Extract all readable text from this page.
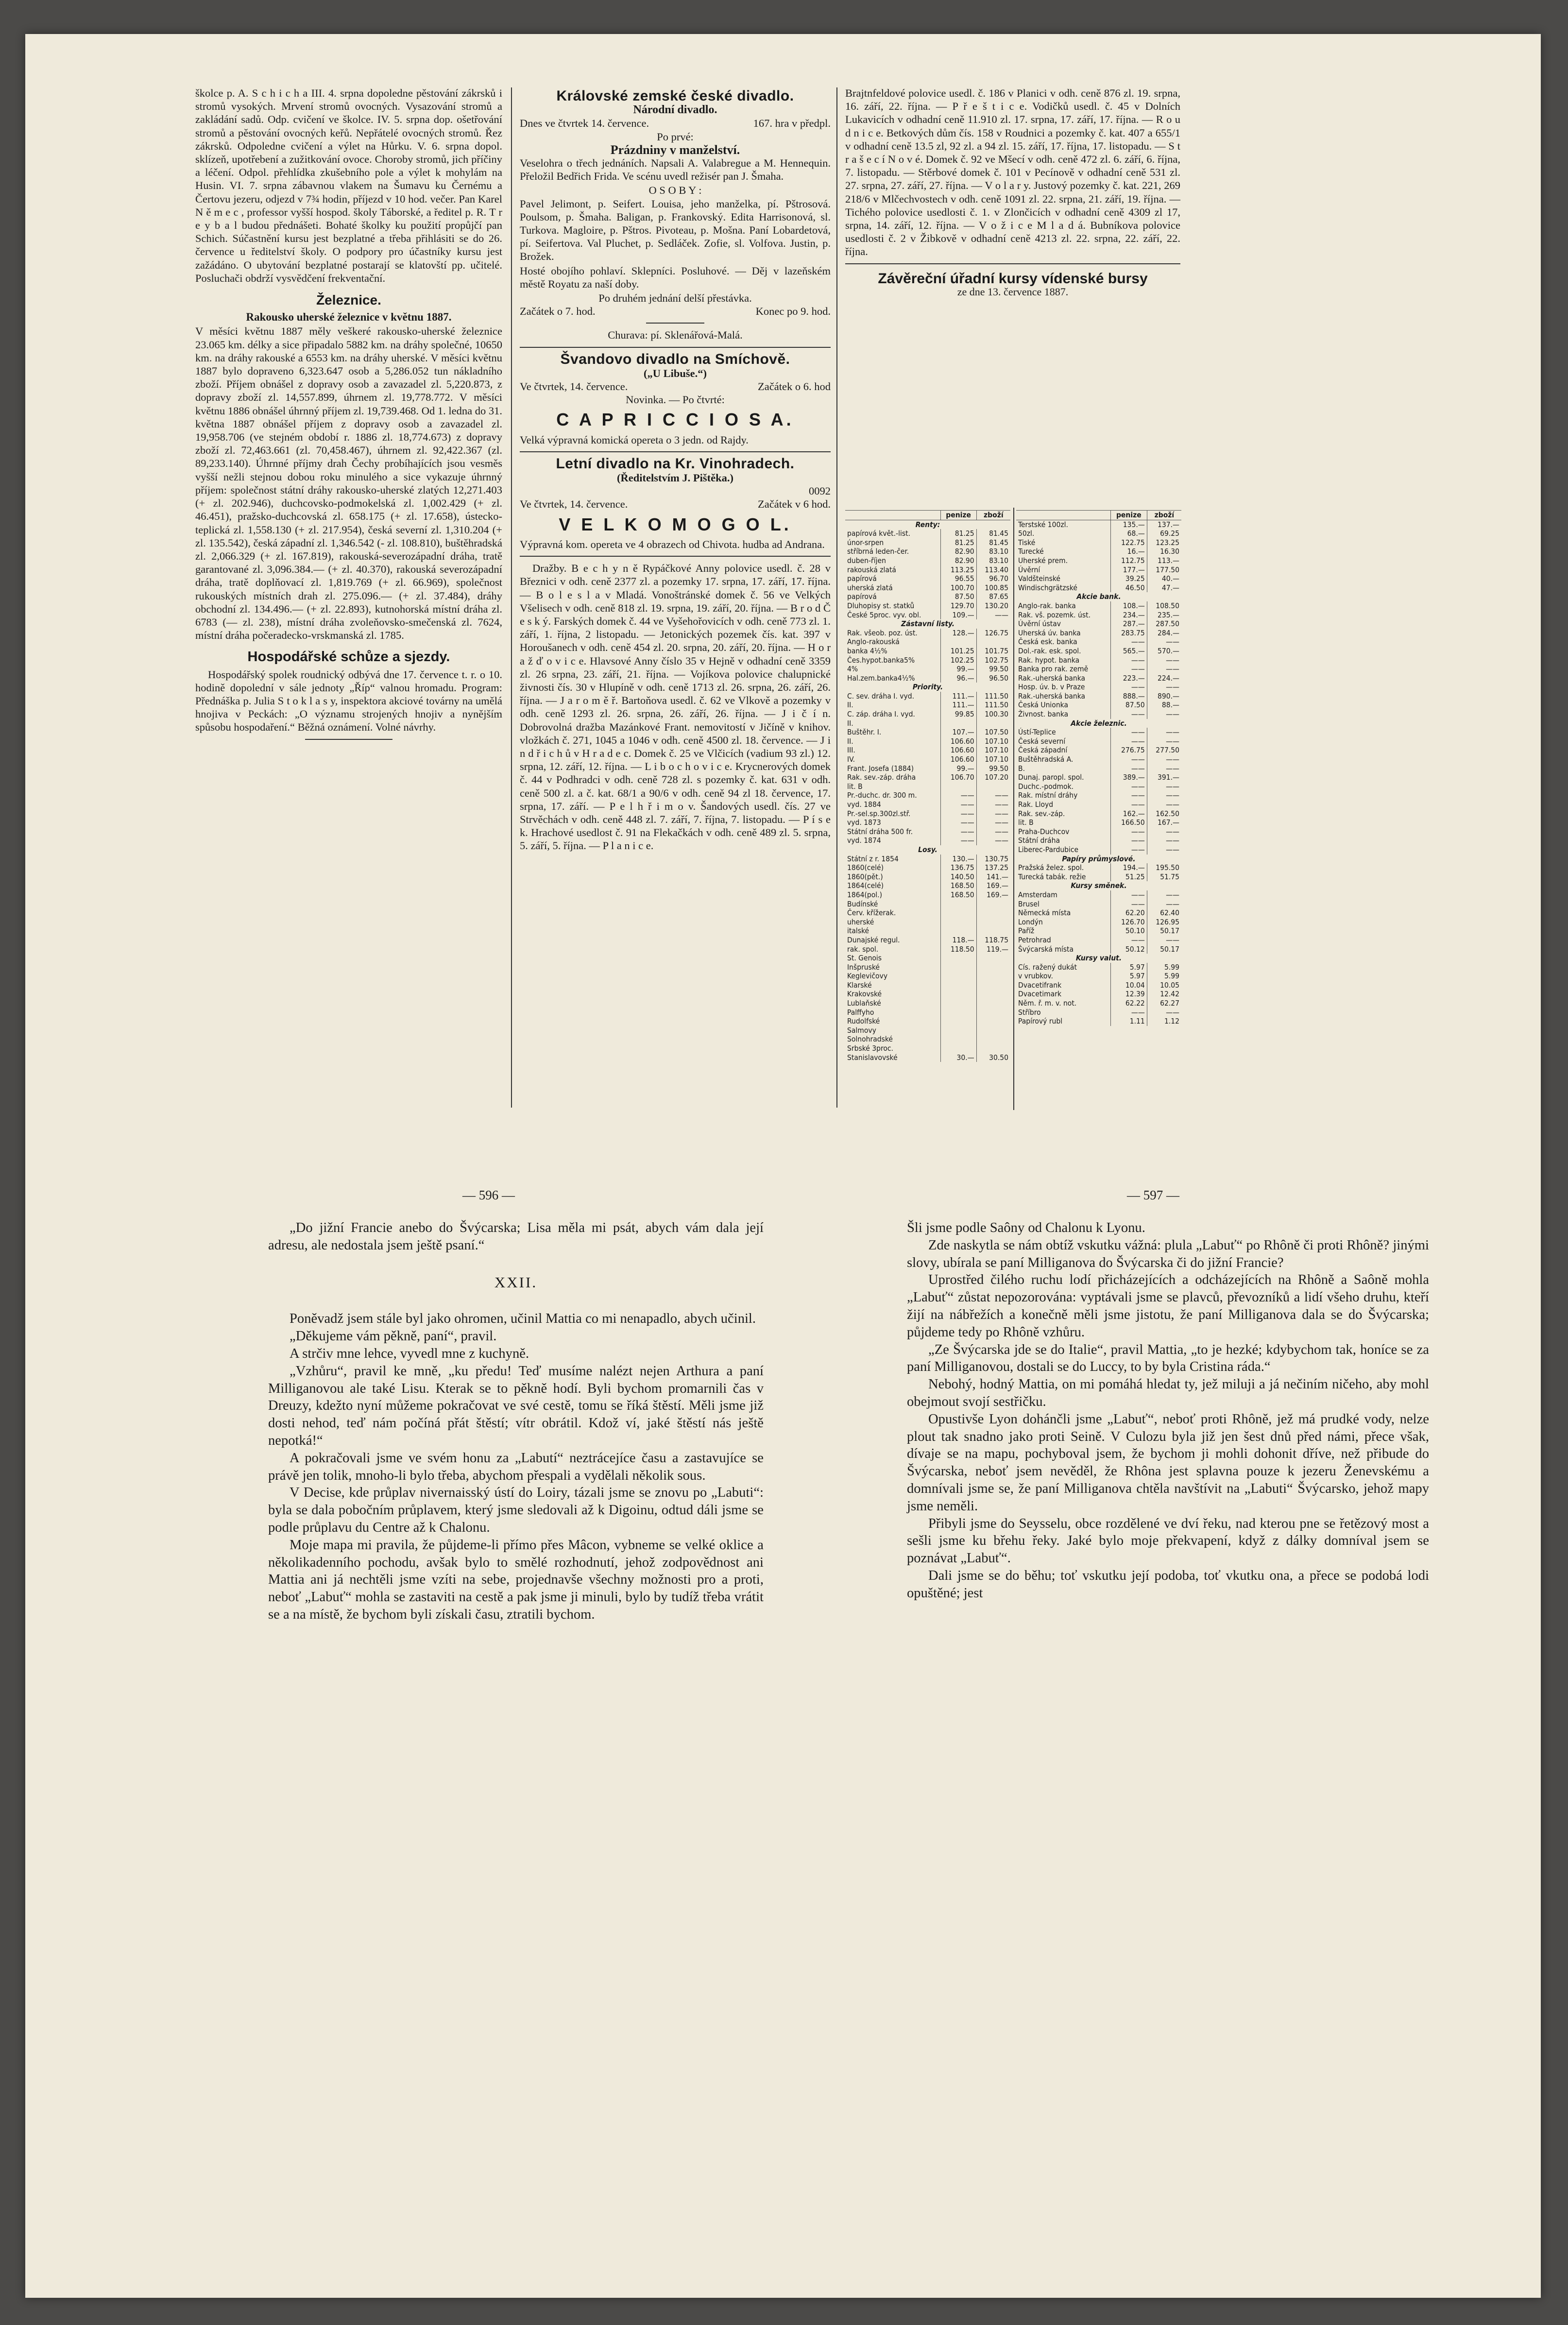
školce p. A. S c h i c h a III. 4. srpna dopoledne pěstování zákrsků i stromů vysokých. Mrvení stromů ovocných. Vysazování stromů a zakládání sadů. Odp. cvičení ve školce. IV. 5. srpna dop. ošetřování stromů a pěstování ovocných keřů. Nepřátelé ovocných stromů. Řez zákrsků. Odpoledne cvičení a výlet na Hůrku. V. 6. srpna dopol. sklízeň, upotřebení a zužitkování ovoce. Choroby stromů, jich příčiny a léčení. Odpol. přehlídka zkušebního pole a výlet k mohylám na Husin. VI. 7. srpna zábavnou vlakem na Šumavu ku Černému a Čertovu jezeru, odjezd v 7¾ hodin, příjezd v 10 hod. večer. Pan Karel N ě m e c , professor vyšší hospod. školy Táborské, a ředitel p. R. T r e y b a l budou přednášeti. Bohaté školky ku použití propůjčí pan Schich. Súčastnění kursu jest bezplatné a třeba přihlásiti se do 26. července u ředitelství školy. O podpory pro účastníky kursu jest zažádáno. O ubytování bezplatné postarají se klatovští pp. učitelé. Posluchači obdrží vysvědčení frekventační.

Železnice.
Rakousko uherské železnice v květnu 1887.

V měsíci květnu 1887 měly veškeré rakousko-uherské železnice 23.065 km. délky a sice připadalo 5882 km. na dráhy společné, 10650 km. na dráhy rakouské a 6553 km. na dráhy uherské. V měsíci květnu 1887 bylo dopraveno 6,323.647 osob a 5,286.052 tun nákladního zboží. Příjem obnášel z dopravy osob a zavazadel zl. 5,220.873, z dopravy zboží zl. 14,557.899, úhrnem zl. 19,778.772. V měsíci květnu 1886 obnášel úhrnný příjem zl. 19,739.468. Od 1. ledna do 31. května 1887 obnášel příjem z dopravy osob a zavazadel zl. 19,958.706 (ve stejném období r. 1886 zl. 18,774.673) z dopravy zboží zl. 72,463.661 (zl. 70,458.467), úhrnem zl. 92,422.367 (zl. 89,233.140). Úhrnné příjmy drah Čechy probíhajících jsou vesměs vyšší nežli stejnou dobou roku minulého a sice vykazuje úhrnný příjem: společnost státní dráhy rakousko-uherské zlatých 12,271.403 (+ zl. 202.946), duchcovsko-podmokelská zl. 1,002.429 (+ zl. 46.451), pražsko-duchcovská zl. 658.175 (+ zl. 17.658), ústecko-teplická zl. 1,558.130 (+ zl. 217.954), česká severní zl. 1,310.204 (+ zl. 135.542), česká západní zl. 1,346.542 (- zl. 108.810), buštěhradská zl. 2,066.329 (+ zl. 167.819), rakouská-severozápadní dráha, tratě garantované zl. 3,096.384.— (+ zl. 40.370), rakouská severozápadní dráha, tratě doplňovací zl. 1,819.769 (+ zl. 66.969), společnost rukouských místních drah zl. 275.096.— (+ zl. 37.484), dráhy obchodní zl. 134.496.— (+ zl. 22.893), kutnohorská místní dráha zl. 6783 (— zl. 238), místní dráha zvoleňovsko-smečenská zl. 7624, místní dráha počeradecko-vrskmanská zl. 1785.

Hospodářské schůze a sjezdy.

Hospodářský spolek roudnický odbývá dne 17. července t. r. o 10. hodině dopolední v sále jednoty „Říp“ valnou hromadu. Program: Přednáška p. Julia S t o k l a s y, inspektora akciové továrny na umělá hnojiva v Peckách: „O významu strojených hnojiv a nynějším spůsobu hospodaření.“ Běžná oznámení. Volné návrhy.

Královské zemské české divadlo.
Národní divadlo.
Dnes ve čtvrtek 14. července.	167. hra v předpl.
Po prvé:
Prázdniny v manželství.

Veselohra o třech jednáních. Napsali A. Valabregue a M. Hennequin. Přeložil Bedřich Frida. Ve scénu uvedl režisér pan J. Šmaha.

O S O B Y :

Pavel Jelimont, p. Seifert. Louisa, jeho manželka, pí. Pštrosová. Poulsom, p. Šmaha. Baligan, p. Frankovský. Edita Harrisonová, sl. Turkova. Magloire, p. Pštros. Pivoteau, p. Mošna. Paní Lobardetová, pí. Seifertova. Val Pluchet, p. Sedláček. Zofie, sl. Volfova. Justin, p. Brožek.

Hosté obojího pohlaví. Sklepníci. Posluhové. — Děj v lazeňském městě Royatu za naší doby.

Po druhém jednání delší přestávka.
Začátek o 7. hod.	Konec po 9. hod.
Churava: pí. Sklenářová-Malá.
Švandovo divadlo na Smíchově.
(„U Libuše.“)
Ve čtvrtek, 14. července.	Začátek o 6. hod
Novinka. — Po čtvrté:
C A P R I C C I O S A.

Velká výpravná komická opereta o 3 jedn. od Rajdy.

Letní divadlo na Kr. Vinohradech.
(Ředitelstvím J. Pištěka.)
0092
Ve čtvrtek, 14. července.	Začátek v 6 hod.
V E L K O M O G O L.

Výpravná kom. opereta ve 4 obrazech od Chivota. hudba ad Andrana.

Dražby. B e c h y n ě Rypáčkové Anny polovice usedl. č. 28 v Březnici v odh. ceně 2377 zl. a pozemky 17. srpna, 17. září, 17. října. — B o l e s l a v Mladá. Vonoštránské domek č. 56 ve Velkých Všelisech v odh. ceně 818 zl. 19. srpna, 19. září, 20. října. — B r o d Č e s k ý. Farských domek č. 44 ve Vyšehořovicích v odh. ceně 773 zl. 1. září, 1. října, 2 listopadu. — Jetonických pozemek čís. kat. 397 v Horoušanech v odh. ceně 454 zl. 20. srpna, 20. září, 20. října. — H o r a ž ď o v i c e. Hlavsové Anny číslo 35 v Hejně v odhadní ceně 3359 zl. 26 srpna, 23. září, 21. října. — Vojíkova polovice chalupnické živnosti čís. 30 v Hlupíně v odh. ceně 1713 zl. 26. srpna, 26. září, 26. října. — J a r o m ě ř. Bartoňova usedl. č. 62 ve Vlkově a pozemky v odh. ceně 1293 zl. 26. srpna, 26. září, 26. října. — J i č í n. Dobrovolná dražba Mazánkové Frant. nemovitostí v Jičíně v knihov. vložkách č. 271, 1045 a 1046 v odh. ceně 4500 zl. 18. července. — J i n d ř i c h ů v H r a d e c. Domek č. 25 ve Vlčicích (vadium 93 zl.) 12. srpna, 12. září, 12. října. — L i b o c h o v i c e. Krycnerových domek č. 44 v Podhradci v odh. ceně 728 zl. s pozemky č. kat. 631 v odh. ceně 500 zl. a č. kat. 68/1 a 90/6 v odh. ceně 94 zl 18. července, 17. srpna, 17. září. — P e l h ř i m o v. Šandových usedl. čís. 27 ve Strvěchách v odh. ceně 448 zl. 7. září, 7. října, 7. listopadu. — P í s e k. Hrachové usedlost č. 91 na Flekačkách v odh. ceně 489 zl. 5. srpna, 5. září, 5. října. — P l a n i c e.

Brajtnfeldové polovice usedl. č. 186 v Planici v odh. ceně 876 zl. 19. srpna, 16. září, 22. října. — P ř e š t i c e. Vodičků usedl. č. 45 v Dolních Lukavicích v odhadní ceně 11.910 zl. 17. srpna, 17. září, 17. října. — R o u d n i c e. Betkových dům čís. 158 v Roudnici a pozemky č. kat. 407 a 655/1 v odhadní ceně 13.5 zl, 92 zl. a 94 zl. 15. září, 17. října, 17. listopadu. — S t r a š e c í N o v é. Domek č. 92 ve Mšecí v odh. ceně 472 zl. 6. září, 6. října, 7. listopadu. — Stěrbové domek č. 101 v Pecínově v odhadní ceně 531 zl. 27. srpna, 27. září, 27. října. — V o l a r y. Justový pozemky č. kat. 221, 269 218/6 v Mlčechvostech v odh. ceně 1091 zl. 22. srpna, 21. září, 19. října. — Tichého polovice usedlosti č. 1. v Zlončicích v odhadní ceně 4309 zl 17, srpna, 14. září, 12. října. — V o ž i c e M l a d á. Bubníkova polovice usedlosti č. 2 v Žibkově v odhadní ceně 4213 zl. 22. srpna, 22. září, 22. října.

Závěreční úřadní kursy vídenské bursy
ze dne 13. července 1887.
	penize	zboží
Renty:		
papírová květ.-list.	81.25	81.45
únor-srpen	81.25	81.45
stříbrná leden-čer.	82.90	83.10
duben-říjen	82.90	83.10
rakouská zlatá	113.25	113.40
papírová	96.55	96.70
uherská zlatá	100.70	100.85
papírová	87.50	87.65
Dluhopisy st. statků	129.70	130.20

České 5proc. vyv. obl.	109.—	——
Zástavní listy.		
Rak. všeob. poz. úst.	128.—	126.75
Anglo-rakouská		
banka 4½%	101.25	101.75
Čes.hypot.banka5%	102.25	102.75
4%	99.—	99.50
Hal.zem.banka4½%	96.—	96.50
Priority.		
C. sev. dráha I. vyd.	111.—	111.50
II.	111.—	111.50
C. záp. dráha I. vyd.	99.85	100.30
II.		
Buštěhr. I.	107.—	107.50
II.	106.60	107.10
III.	106.60	107.10
IV.	106.60	107.10
Frant. Josefa (1884)	99.—	99.50
Rak. sev.-záp. dráha	106.70	107.20
lit. B		
Pr.-duchc. dr. 300 m.	——	——
vyd. 1884	——	——
Pr.-sel.sp.300zl.stř.	——	——
vyd. 1873	——	——
Státní dráha 500 fr.	——	——
vyd. 1874	——	——
Losy.		
Státní z r. 1854	130.—	130.75
1860(celé)	136.75	137.25
1860(pět.)	140.50	141.—
1864(celé)	168.50	169.—
1864(pol.)	168.50	169.—
Budínské		
Červ. křížerak.		
uherské		
italské		
Dunajské regul.	118.—	118.75
rak. spol.	118.50	119.—
St. Genois		
Inšpruské		
Keglevičovy		
Klarské		
Krakovské		
Lublaňské		
Palffyho		
Rudolfské		
Salmovy		
Solnohradské		
Srbské 3proc.		
Stanislavovské	30.—	30.50
	penize	zboží
Terstské 100zl.	135.—	137.—
50zl.	68.—	69.25
Tiské	122.75	123.25
Turecké	16.—	16.30
Uherské prem.	112.75	113.—
Úvěrní	177.—	177.50
Valdšteinské	39.25	40.—
Windischgrätzské	46.50	47.—
Akcie bank.		
Anglo-rak. banka	108.—	108.50
Rak. vš. pozemk. úst.	234.—	235.—
Úvěrní ústav	287.—	287.50
Uherská úv. banka	283.75	284.—
Česká esk. banka	——	——
Dol.-rak. esk. spol.	565.—	570.—
Rak. hypot. banka	——	——
Banka pro rak. země	——	——
Rak.-uherská banka	223.—	224.—
Hosp. úv. b. v Praze	——	——
Rak.-uherská banka	888.—	890.—
Česká Unionka	87.50	88.—
Živnost. banka	——	——
Akcie železnic.		
Ústí-Teplice	——	——
Česká severní	——	——
Česká západní	276.75	277.50
Buštěhradská A.	——	——
B.	——	——
Dunaj. paropl. spol.	389.—	391.—
Duchc.-podmok.	——	——
Rak. místní dráhy	——	——
Rak. Lloyd	——	——
Rak. sev.-záp.	162.—	162.50
lit. B	166.50	167.—
Praha-Duchcov	——	——
Státní dráha	——	——
Liberec-Pardubice	——	——
Papíry průmyslové.		
Pražská želez. spol.	194.—	195.50
Turecká tabák. režie	51.25	51.75
Kursy směnek.		
Amsterdam	——	——
Brusel	——	——
Německá místa	62.20	62.40
Londýn	126.70	126.95
Paříž	50.10	50.17
Petrohrad	——	——
Švýcarská místa	50.12	50.17
Kursy valut.		
Cís. ražený dukát	5.97	5.99
v vrubkov.	5.97	5.99
Dvacetifrank	10.04	10.05
Dvacetimark	12.39	12.42
Něm. ř. m. v. not.	62.22	62.27
Stříbro	——	——
Papírový rubl	1.11	1.12
— 596 —	— 597 —

„Do jižní Francie anebo do Švýcarska; Lisa měla mi psát, abych vám dala její adresu, ale nedostala jsem ještě psaní.“

XXII.

Poněvadž jsem stále byl jako ohromen, učinil Mattia co mi nenapadlo, abych učinil.

„Děkujeme vám pěkně, paní“, pravil.

A strčiv mne lehce, vyvedl mne z kuchyně.

„Vzhůru“, pravil ke mně, „ku předu! Teď musíme nalézt nejen Arthura a paní Milliganovou ale také Lisu. Kterak se to pěkně hodí. Byli bychom promarnili čas v Dreuzy, kdežto nyní můžeme pokračovat ve své cestě, tomu se říká štěstí. Měli jsme již dosti nehod, teď nám počíná přát štěstí; vítr obrátil. Kdož ví, jaké štěstí nás ještě nepotká!“

A pokračovali jsme ve svém honu za „Labutí“ neztrácejíce času a zastavujíce se právě jen tolik, mnoho-li bylo třeba, abychom přespali a vydělali několik sous.

V Decise, kde průplav nivernaisský ústí do Loiry, tázali jsme se znovu po „Labuti“: byla se dala pobočním průplavem, který jsme sledovali až k Digoinu, odtud dáli jsme se podle průplavu du Centre až k Chalonu.

Moje mapa mi pravila, že půjdeme-li přímo přes Mâcon, vybneme se velké oklice a několikadenního pochodu, avšak bylo to smělé rozhodnutí, jehož zodpovědnost ani Mattia ani já nechtěli jsme vzíti na sebe, projednavše všechny možnosti pro a proti, neboť „Labuť“ mohla se zastaviti na cestě a pak jsme ji minuli, bylo by tudíž třeba vrátit se a na místě, že bychom byli získali času, ztratili bychom.

Šli jsme podle Saôny od Chalonu k Lyonu.

Zde naskytla se nám obtíž vskutku vážná: plula „Labuť“ po Rhôně či proti Rhôně? jinými slovy, ubírala se paní Milliganova do Švýcarska či do jižní Francie?

Uprostřed čilého ruchu lodí přicházejících a odcházejících na Rhôně a Saôně mohla „Labuť“ zůstat nepozorována: vyptávali jsme se plavců, převozníků a lidí všeho druhu, kteří žijí na nábřežích a konečně měli jsme jistotu, že paní Milliganova dala se do Švýcarska; půjdeme tedy po Rhôně vzhůru.

„Ze Švýcarska jde se do Italie“, pravil Mattia, „to je hezké; kdybychom tak, honíce se za paní Milliganovou, dostali se do Luccy, to by byla Cristina ráda.“

Nebohý, hodný Mattia, on mi pomáhá hledat ty, jež miluji a já nečiním ničeho, aby mohl obejmout svojí sestřičku.

Opustivše Lyon dohánčli jsme „Labuť“, neboť proti Rhôně, jež má prudké vody, nelze plout tak snadno jako proti Seině. V Culozu byla již jen šest dnů před námi, přece však, dívaje se na mapu, pochyboval jsem, že bychom ji mohli dohonit dříve, než přibude do Švýcarska, neboť jsem nevěděl, že Rhôna jest splavna pouze k jezeru Ženevskému a domnívali jsme se, že paní Milliganova chtěla navštívit na „Labuti“ Švýcarsko, jehož mapy jsme neměli.

Přibyli jsme do Seysselu, obce rozdělené ve dví řeku, nad kterou pne se řetězový most a sešli jsme ku břehu řeky. Jaké bylo moje překvapení, když z dálky domníval jsem se poznávat „Labuť“.

Dali jsme se do běhu; toť vskutku její podoba, toť vkutku ona, a přece se podobá lodi opuštěné; jest
